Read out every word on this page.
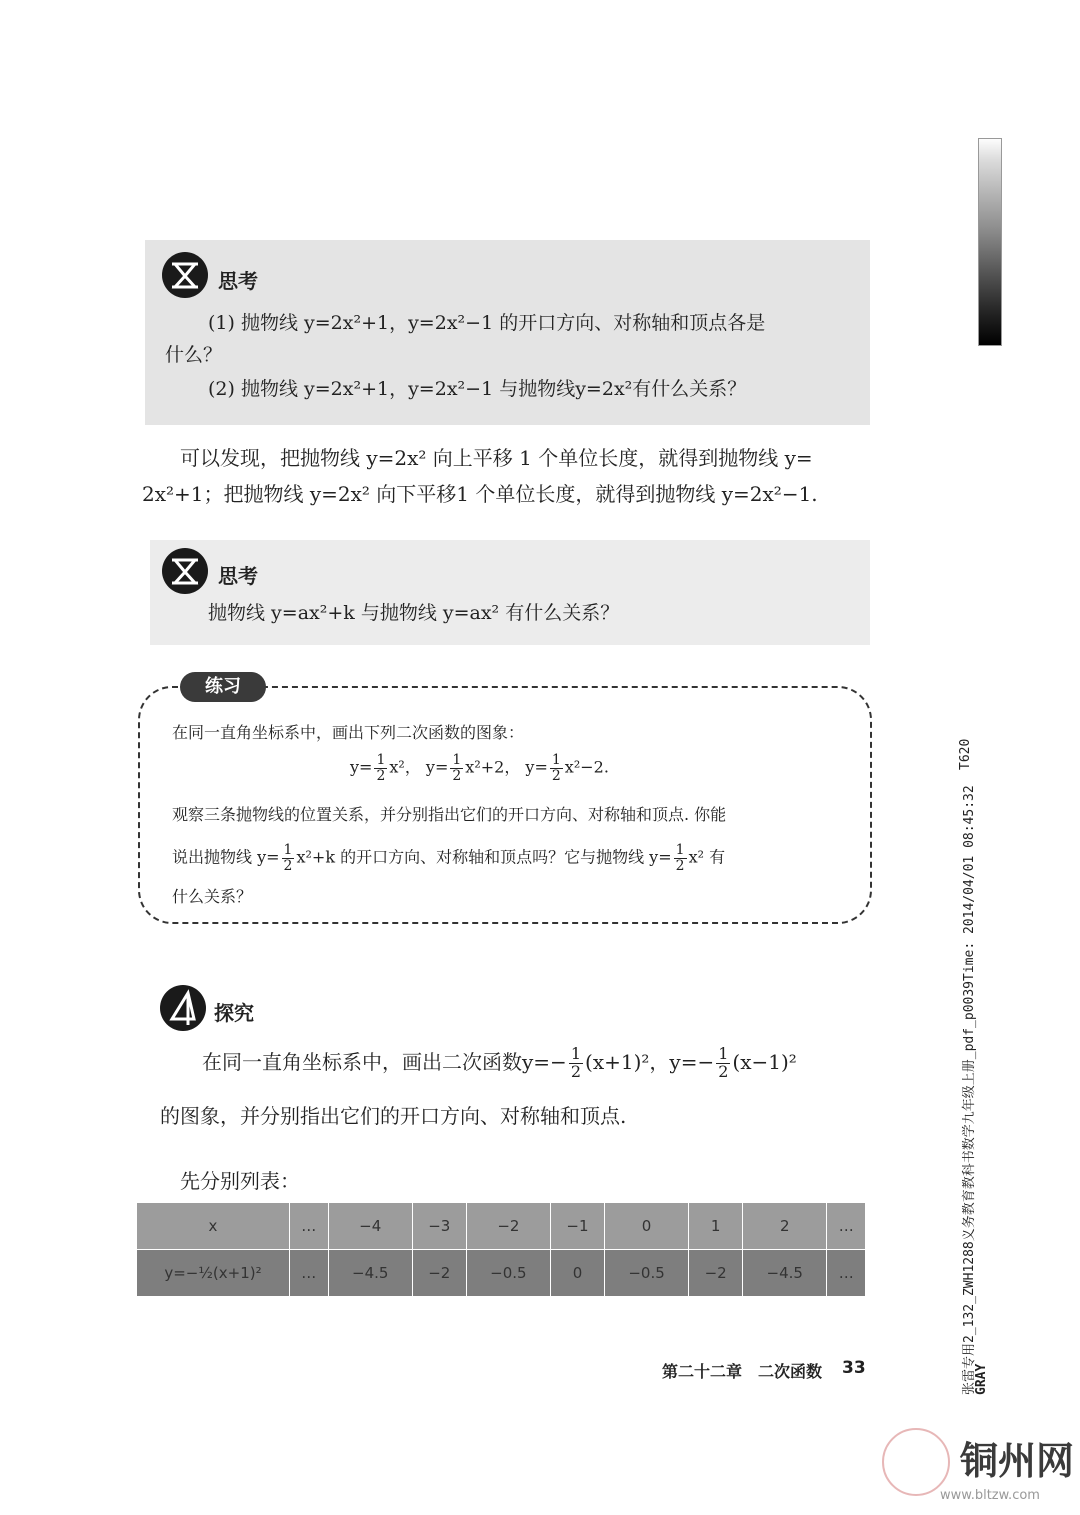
思考
(1) 抛物线 y=2x²+1，y=2x²−1 的开口方向、对称轴和顶点各是
什么？
(2) 抛物线 y=2x²+1，y=2x²−1 与抛物线y=2x²有什么关系？
可以发现，把抛物线 y=2x² 向上平移 1 个单位长度，就得到抛物线 y=
2x²+1；把抛物线 y=2x² 向下平移1 个单位长度，就得到抛物线 y=2x²−1.
思考
抛物线 y=ax²+k 与抛物线 y=ax² 有什么关系？
练习
在同一直角坐标系中，画出下列二次函数的图象：
$y= \frac{1}{2} x^2$， $y= \frac{1}{2} x^2+2$， $y= \frac{1}{2} x^2-2$.
观察三条抛物线的位置关系，并分别指出它们的开口方向、对称轴和顶点. 你能
说出抛物线 $y= \frac{1}{2} x^2+k$ 的开口方向、对称轴和顶点吗？它与抛物线 $y= \frac{1}{2} x^2$ 有
什么关系？
探究
在同一直角坐标系中，画出二次函数$y=- \frac{1}{2} (x+1)^2$，$y=- \frac{1}{2} (x-1)^2$
的图象，并分别指出它们的开口方向、对称轴和顶点.
先分别列表：
x	…	−4	−3	−2	−1	0	1	2	…
y=−½(x+1)²	…	−4.5	−2	−0.5	0	−0.5	−2	−4.5	…
第二十二章　二次函数 33
T620
张雷专用2_132_ZWH1288义务教育教科书数学九年级上册_pdf_p0039Time: 2014/04/01 08:45:32
GRAY
铜州网
www.bltzw.com
